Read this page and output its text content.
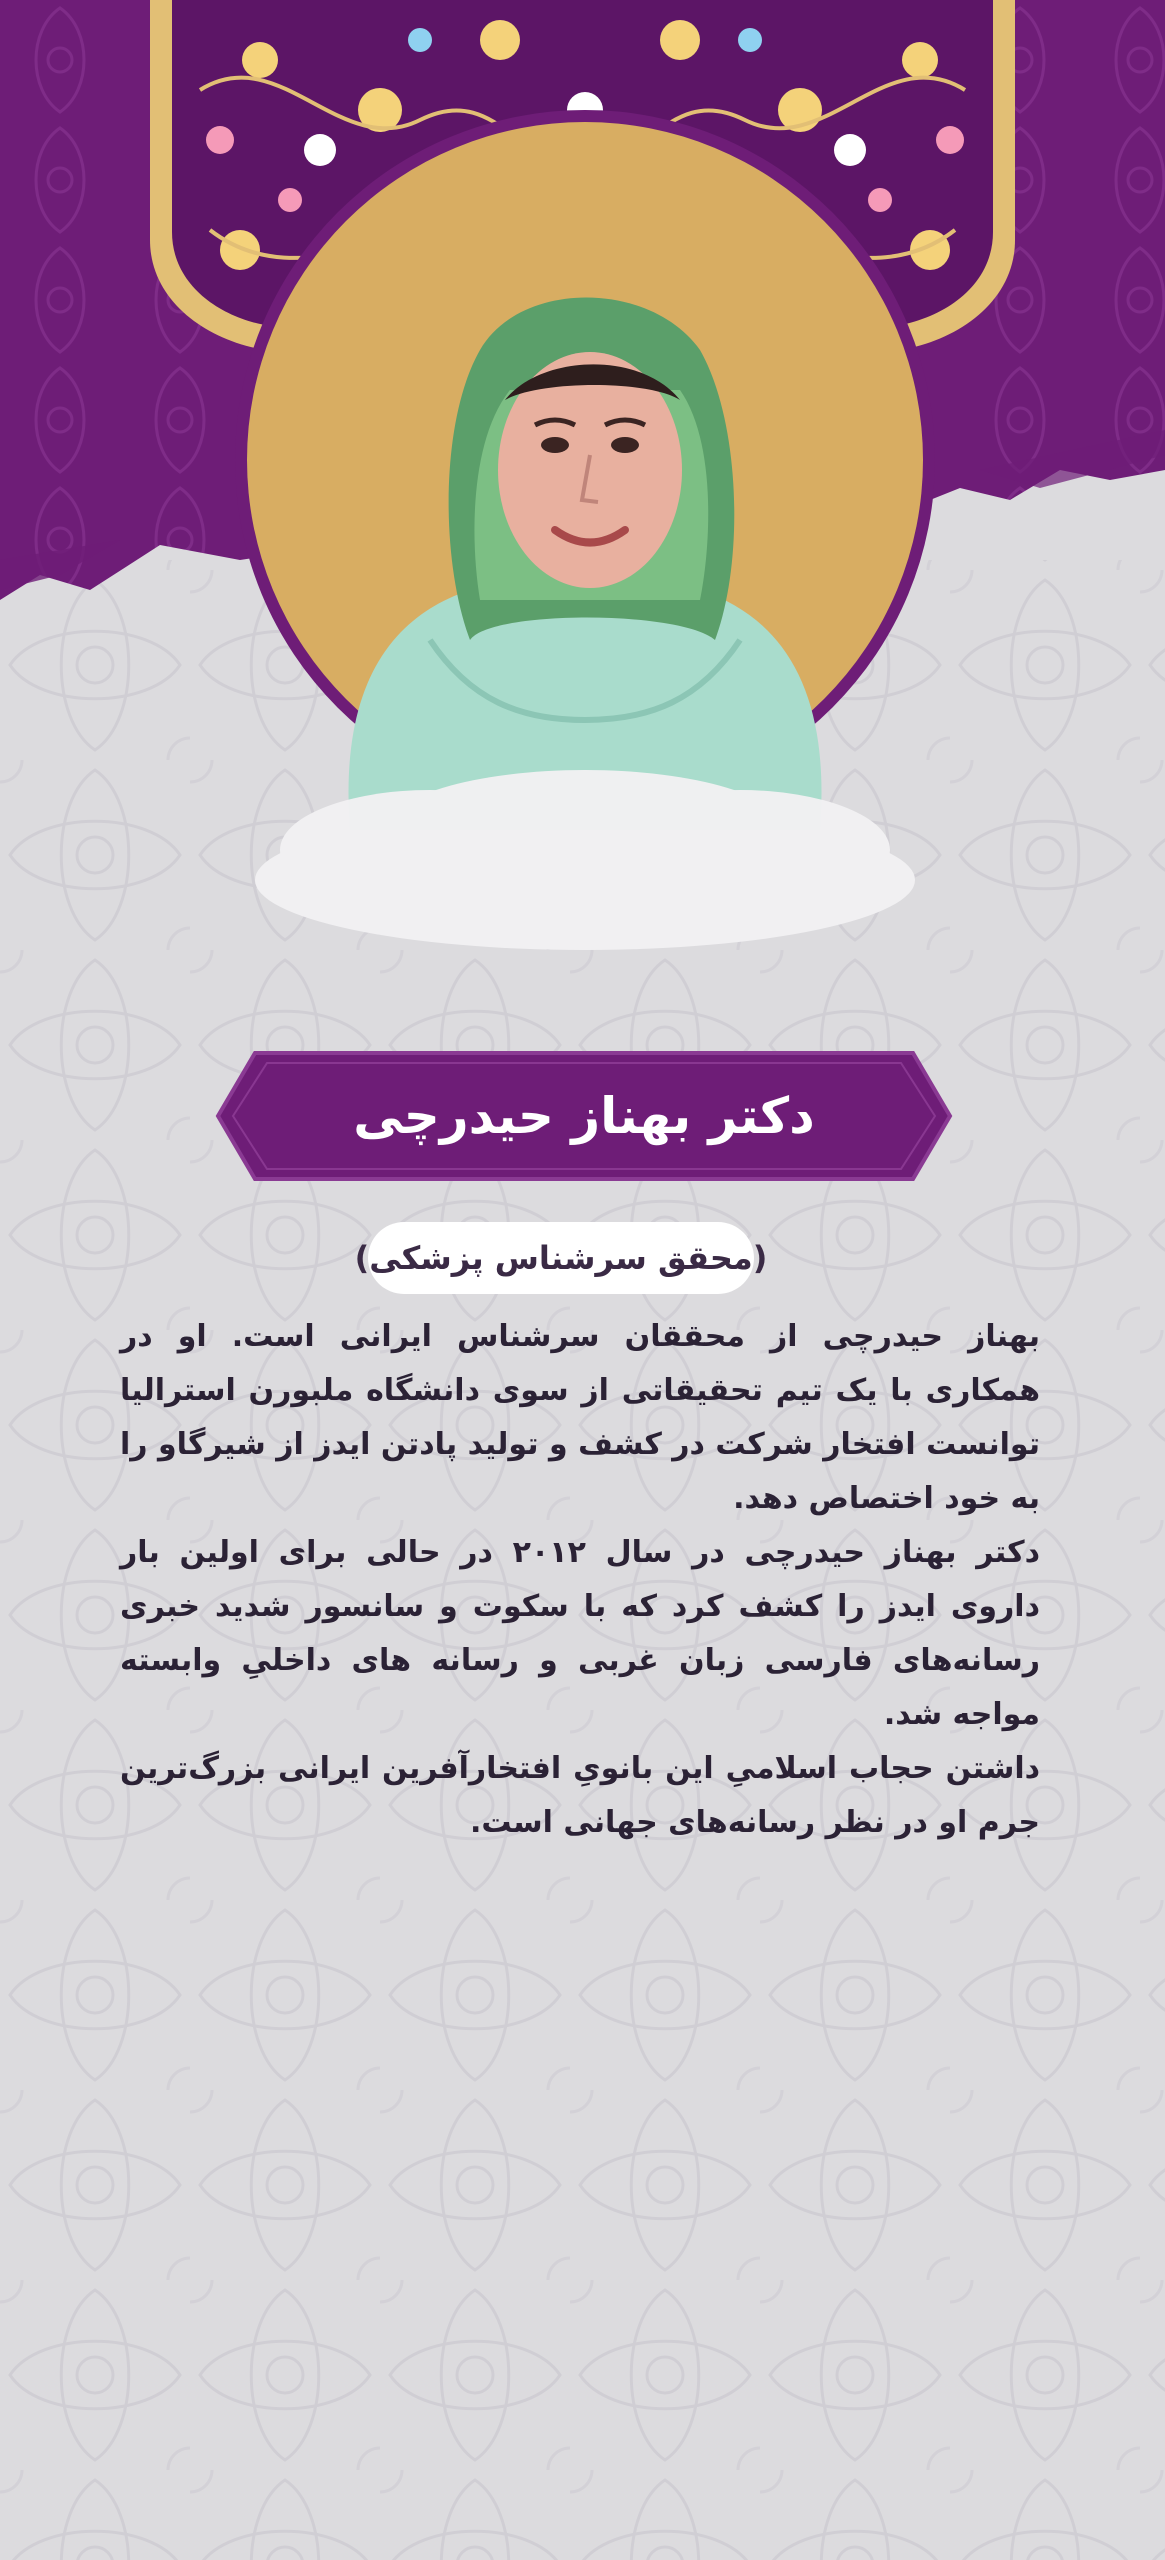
دکتر بهناز حیدرچی
(محقق سرشناس پزشکی)

بهناز حیدرچی از محققان سرشناس ایرانی است. او در همکاری با یک تیم تحقیقاتی از سوی دانشگاه ملبورن استرالیا توانست افتخار شرکت در کشف و تولید پادتن ایدز از شیرگاو را به خود اختصاص دهد.

دکتر بهناز حیدرچی در سال ۲۰۱۲ در حالی برای اولین بار داروی ایدز را کشف کرد که با سکوت و سانسور شدید خبری رسانه‌های فارسی زبان غربی و رسانه های داخلیِ وابسته مواجه شد.

داشتن حجاب اسلامیِ این بانویِ افتخارآفرین ایرانی بزرگ‌ترین جرم او در نظر رسانه‌های جهانی است.
